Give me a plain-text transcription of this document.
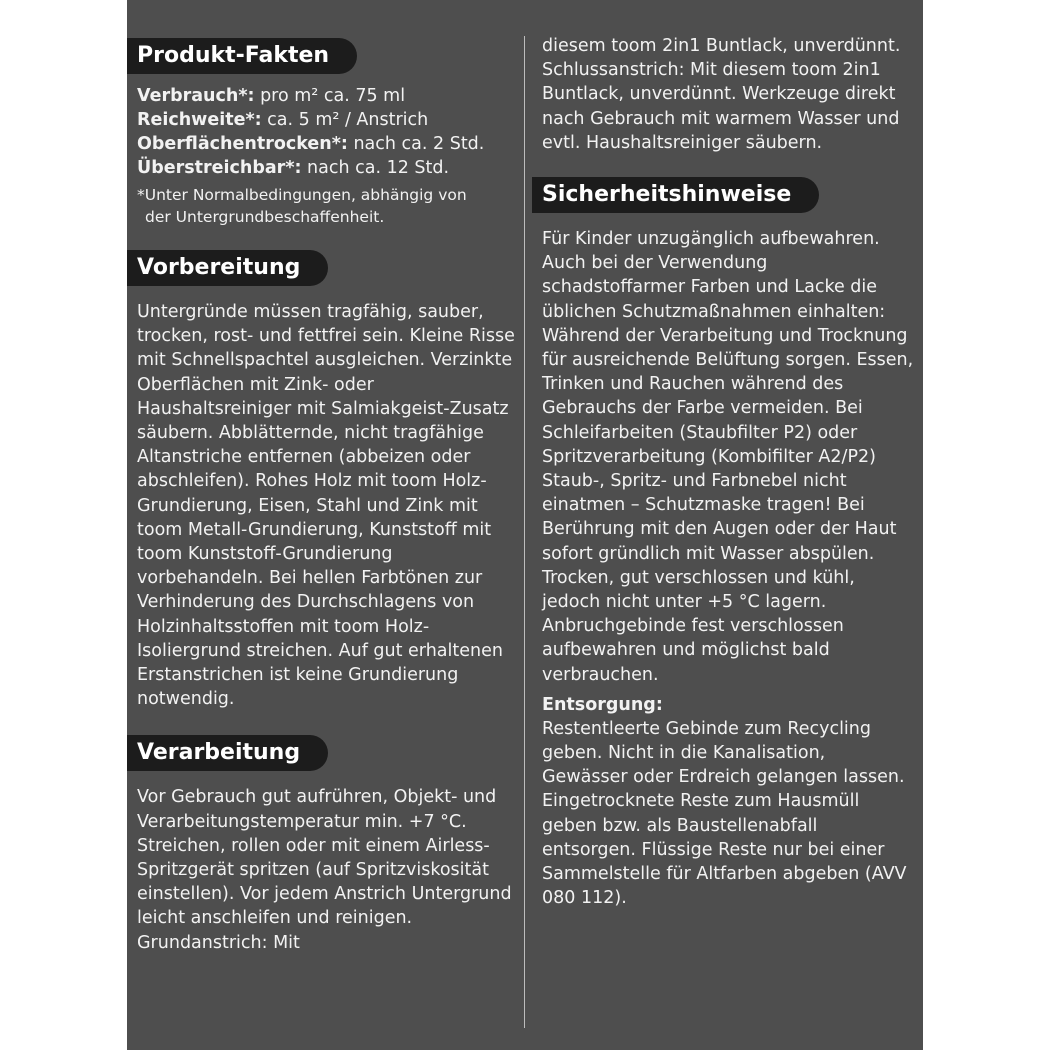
Produkt-Fakten
Verbrauch*: pro m² ca. 75 ml
Reichweite*: ca. 5 m² / Anstrich
Oberflächentrocken*: nach ca. 2 Std.
Überstreichbar*: nach ca. 12 Std.
*Unter Normalbedingungen, abhängig von
der Untergrundbeschaffenheit.
Vorbereitung

Untergründe müssen tragfähig, sauber, trocken, rost- und fettfrei sein. Kleine Risse mit Schnellspachtel ausgleichen. Verzinkte Oberflächen mit Zink- oder Haushaltsreiniger mit Salmiakgeist-Zusatz säubern. Abblätternde, nicht tragfähige Altanstriche entfernen (abbeizen oder abschleifen). Rohes Holz mit toom Holz-Grundierung, Eisen, Stahl und Zink mit toom Metall-Grundierung, Kunststoff mit toom Kunststoff-Grundierung vorbehandeln. Bei hellen Farbtönen zur Verhinderung des Durchschlagens von Holzinhaltsstoffen mit toom Holz-Isoliergrund streichen. Auf gut erhaltenen Erstanstrichen ist keine Grundierung notwendig.

Verarbeitung

Vor Gebrauch gut aufrühren, Objekt- und Verarbeitungstemperatur min. +7 °C. Streichen, rollen oder mit einem Airless-Spritzgerät spritzen (auf Spritzviskosität einstellen). Vor jedem Anstrich Untergrund leicht anschleifen und reinigen. Grundanstrich: Mit

diesem toom 2in1 Buntlack, unverdünnt. Schlussanstrich: Mit diesem toom 2in1 Buntlack, unverdünnt. Werkzeuge direkt nach Gebrauch mit warmem Wasser und evtl. Haushaltsreiniger säubern.

Sicherheitshinweise

Für Kinder unzugänglich aufbewahren. Auch bei der Verwendung schadstoffarmer Farben und Lacke die üblichen Schutzmaßnahmen einhalten: Während der Verarbeitung und Trocknung für ausreichende Belüftung sorgen. Essen, Trinken und Rauchen während des Gebrauchs der Farbe vermeiden. Bei Schleifarbeiten (Staubfilter P2) oder Spritzverarbeitung (Kombifilter A2/P2) Staub-, Spritz- und Farbnebel nicht einatmen – Schutzmaske tragen! Bei Berührung mit den Augen oder der Haut sofort gründlich mit Wasser abspülen. Trocken, gut verschlossen und kühl, jedoch nicht unter +5 °C lagern. Anbruchgebinde fest verschlossen aufbewahren und möglichst bald verbrauchen.

Entsorgung:

Restentleerte Gebinde zum Recycling geben. Nicht in die Kanalisation, Gewässer oder Erdreich gelangen lassen. Eingetrocknete Reste zum Hausmüll geben bzw. als Baustellenabfall entsorgen. Flüssige Reste nur bei einer Sammelstelle für Altfarben abgeben (AVV 080 112).
